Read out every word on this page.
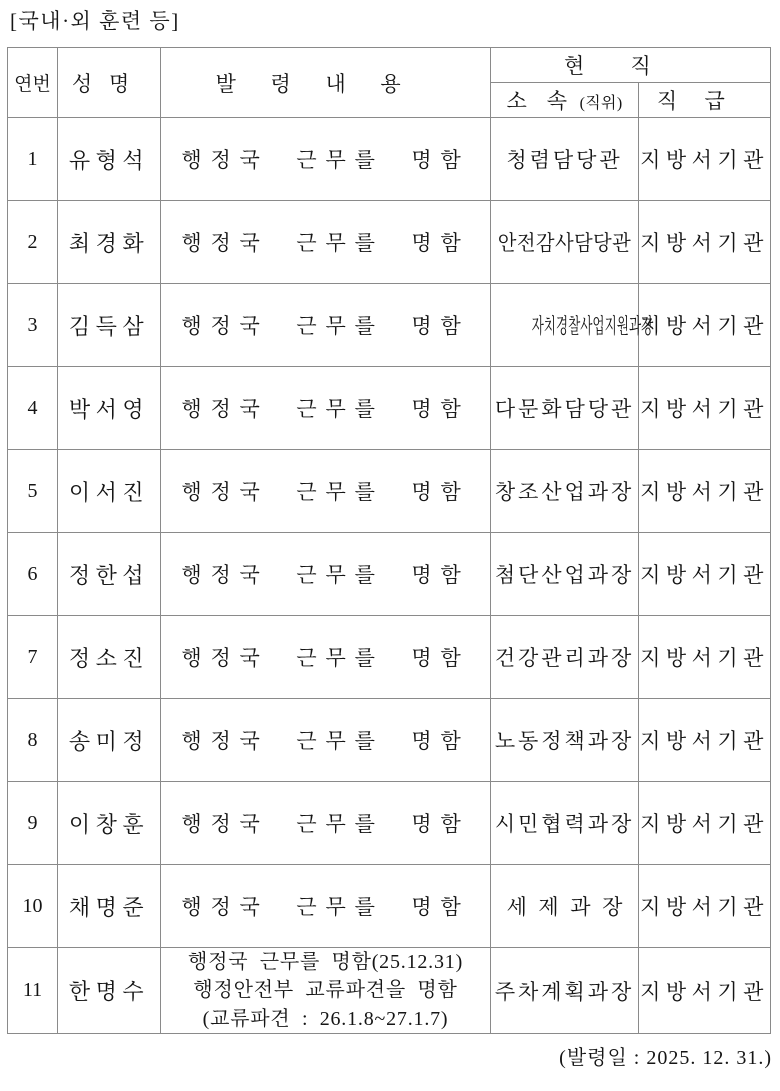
[국내·외 훈련 등]
연번	성명	발령내용	현직	
			소 속 (직위)	직급
1	유형석	행정국 근무를 명함	청렴담당관	지방서기관
2	최경화	행정국 근무를 명함	안전감사담당관	지방서기관
3	김득삼	행정국 근무를 명함	자치경찰사업지원과장	지방서기관
4	박서영	행정국 근무를 명함	다문화담당관	지방서기관
5	이서진	행정국 근무를 명함	창조산업과장	지방서기관
6	정한섭	행정국 근무를 명함	첨단산업과장	지방서기관
7	정소진	행정국 근무를 명함	건강관리과장	지방서기관
8	송미정	행정국 근무를 명함	노동정책과장	지방서기관
9	이창훈	행정국 근무를 명함	시민협력과장	지방서기관
10	채명준	행정국 근무를 명함	세제과장	지방서기관
11	한명수	행정국 근무를 명함(25.12.31)
행정안전부 교류파견을 명함
(교류파견 : 26.1.8~27.1.7)	주차계획과장	지방서기관
(발령일 : 2025. 12. 31.)
